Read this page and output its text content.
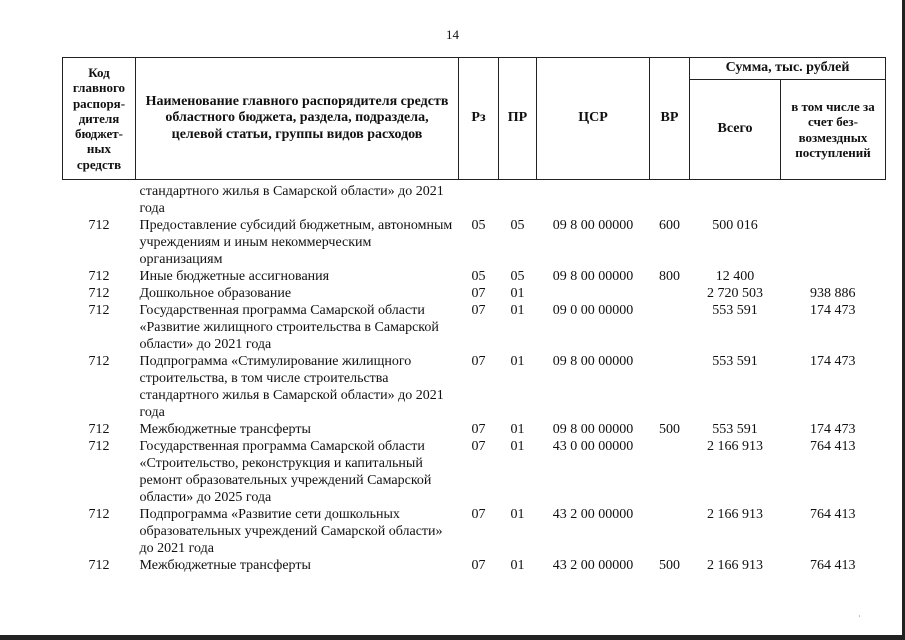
14
Код главного распоря-дителя бюджет-ных средств	Наименование главного распорядителя средств областного бюджета, раздела, подраздела, целевой статьи, группы видов расходов	Рз	ПР	ЦСР	ВР	Сумма, тыс. рублей	
						Всего	в том числе за счет без-возмездных поступлений
	стандартного жилья в Самарской области» до 2021 года						
712	Предоставление субсидий бюджетным, автономным учреждениям и иным некоммерческим организациям	05	05	09 8 00 00000	600	500 016	
712	Иные бюджетные ассигнования	05	05	09 8 00 00000	800	12 400	
712	Дошкольное образование	07	01			2 720 503	938 886
712	Государственная программа Самарской области «Развитие жилищного строительства в Самарской области» до 2021 года	07	01	09 0 00 00000		553 591	174 473
712	Подпрограмма «Стимулирование жилищного строительства, в том числе строительства стандартного жилья в Самарской области» до 2021 года	07	01	09 8 00 00000		553 591	174 473
712	Межбюджетные трансферты	07	01	09 8 00 00000	500	553 591	174 473
712	Государственная программа Самарской области «Строительство, реконструкция и капитальный ремонт образовательных учреждений Самарской области» до 2025 года	07	01	43 0 00 00000		2 166 913	764 413
712	Подпрограмма «Развитие сети дошкольных образовательных учреждений Самарской области» до 2021 года	07	01	43 2 00 00000		2 166 913	764 413
712	Межбюджетные трансферты	07	01	43 2 00 00000	500	2 166 913	764 413
·
